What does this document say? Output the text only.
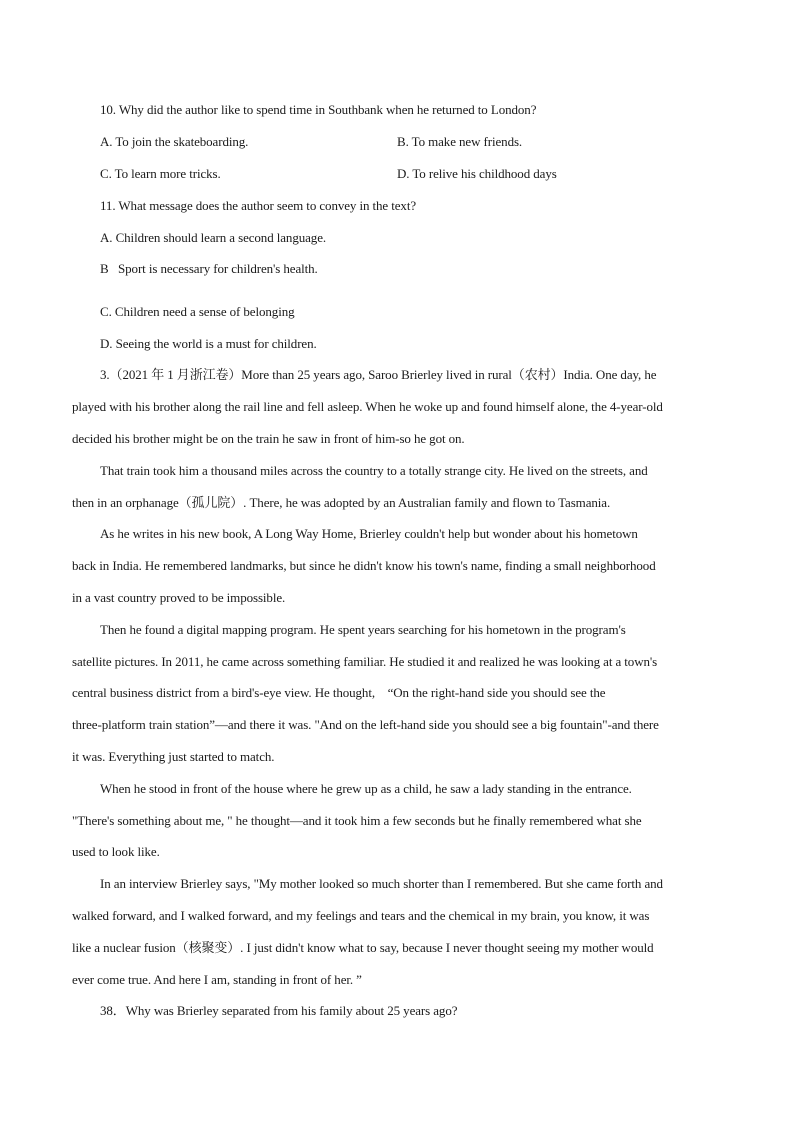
10. Why did the author like to spend time in Southbank when he returned to London?
A. To join the skateboarding.	B. To make new friends.
C. To learn more tricks.	D. To relive his childhood days
11. What message does the author seem to convey in the text?
A. Children should learn a second language.
B   Sport is necessary for children's health.
C. Children need a sense of belonging
D. Seeing the world is a must for children.
3.（2021 年 1 月浙江卷）More than 25 years ago, Saroo Brierley lived in rural（农村）India. One day, he
played with his brother along the rail line and fell asleep. When he woke up and found himself alone, the 4-year-old
decided his brother might be on the train he saw in front of him-so he got on.
That train took him a thousand miles across the country to a totally strange city. He lived on the streets, and
then in an orphanage（孤儿院）. There, he was adopted by an Australian family and flown to Tasmania.
As he writes in his new book, A Long Way Home, Brierley couldn't help but wonder about his hometown
back in India. He remembered landmarks, but since he didn't know his town's name, finding a small neighborhood
in a vast country proved to be impossible.
Then he found a digital mapping program. He spent years searching for his hometown in the program's
satellite pictures. In 2011, he came across something familiar. He studied it and realized he was looking at a town's
central business district from a bird's-eye view. He thought,    “On the right-hand side you should see the
three-platform train station”—and there it was. "And on the left-hand side you should see a big fountain"-and there
it was. Everything just started to match.
When he stood in front of the house where he grew up as a child, he saw a lady standing in the entrance.
"There's something about me, " he thought—and it took him a few seconds but he finally remembered what she
used to look like.
In an interview Brierley says, "My mother looked so much shorter than I remembered. But she came forth and
walked forward, and I walked forward, and my feelings and tears and the chemical in my brain, you know, it was
like a nuclear fusion（核聚变）. I just didn't know what to say, because I never thought seeing my mother would
ever come true. And here I am, standing in front of her. ”
38．Why was Brierley separated from his family about 25 years ago?
